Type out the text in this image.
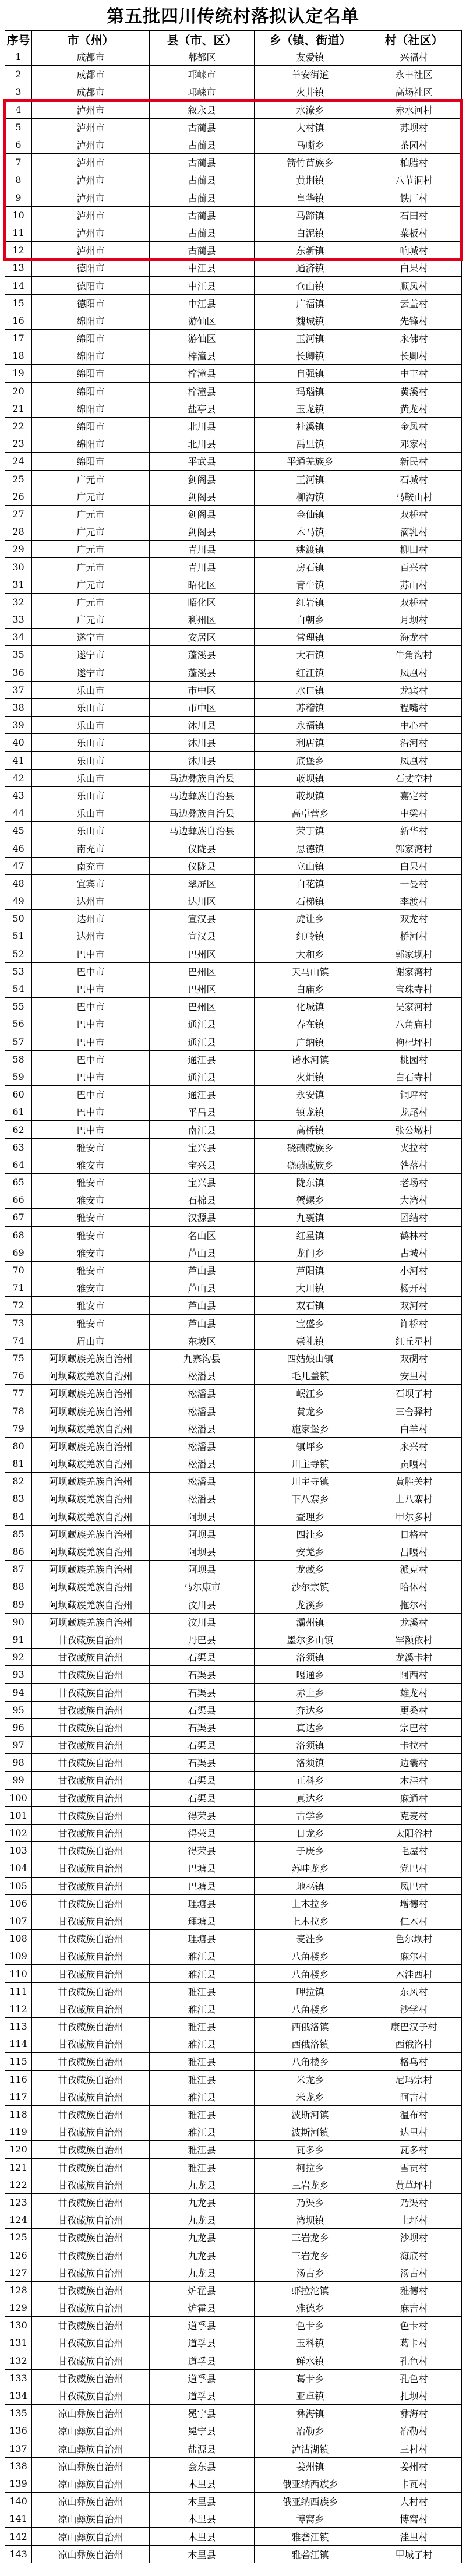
第五批四川传统村落拟认定名单
序号	市（州）	县（市、区）	乡（镇、街道）	村（社区）
1	成都市	郫都区	友爱镇	兴福村
2	成都市	邛崃市	羊安街道	永丰社区
3	成都市	邛崃市	火井镇	高场社区
4	泸州市	叙永县	水潦乡	赤水河村
5	泸州市	古蔺县	大村镇	苏坝村
6	泸州市	古蔺县	马嘶乡	茶园村
7	泸州市	古蔺县	箭竹苗族乡	柏腊村
8	泸州市	古蔺县	黄荆镇	八节洞村
9	泸州市	古蔺县	皇华镇	铁厂村
10	泸州市	古蔺县	马蹄镇	石田村
11	泸州市	古蔺县	白泥镇	菜板村
12	泸州市	古蔺县	东新镇	响城村
13	德阳市	中江县	通济镇	白果村
14	德阳市	中江县	仓山镇	顺凤村
15	德阳市	中江县	广福镇	云盖村
16	绵阳市	游仙区	魏城镇	先锋村
17	绵阳市	游仙区	玉河镇	永佛村
18	绵阳市	梓潼县	长卿镇	长卿村
19	绵阳市	梓潼县	自强镇	中丰村
20	绵阳市	梓潼县	玛瑙镇	黄溪村
21	绵阳市	盐亭县	玉龙镇	黄龙村
22	绵阳市	北川县	桂溪镇	金凤村
23	绵阳市	北川县	禹里镇	邓家村
24	绵阳市	平武县	平通羌族乡	新民村
25	广元市	剑阁县	王河镇	石城村
26	广元市	剑阁县	柳沟镇	马鞍山村
27	广元市	剑阁县	金仙镇	双桥村
28	广元市	剑阁县	木马镇	滴乳村
29	广元市	青川县	姚渡镇	柳田村
30	广元市	青川县	房石镇	百兴村
31	广元市	昭化区	青牛镇	苏山村
32	广元市	昭化区	红岩镇	双桥村
33	广元市	利州区	白朝乡	月坝村
34	遂宁市	安居区	常理镇	海龙村
35	遂宁市	蓬溪县	大石镇	牛角沟村
36	遂宁市	蓬溪县	红江镇	凤凰村
37	乐山市	市中区	水口镇	龙宾村
38	乐山市	市中区	苏稽镇	程嘴村
39	乐山市	沐川县	永福镇	中心村
40	乐山市	沐川县	利店镇	沿河村
41	乐山市	沐川县	底堡乡	凤凰村
42	乐山市	马边彝族自治县	荍坝镇	石丈空村
43	乐山市	马边彝族自治县	荍坝镇	嘉定村
44	乐山市	马边彝族自治县	高卓营乡	中梁村
45	乐山市	马边彝族自治县	荣丁镇	新华村
46	南充市	仪陇县	思德镇	郭家湾村
47	南充市	仪陇县	立山镇	白果村
48	宜宾市	翠屏区	白花镇	一曼村
49	达州市	达川区	石梯镇	李渡村
50	达州市	宣汉县	虎让乡	双龙村
51	达州市	宣汉县	红岭镇	桥河村
52	巴中市	巴州区	大和乡	郭家坝村
53	巴中市	巴州区	天马山镇	谢家湾村
54	巴中市	巴州区	白庙乡	宝珠寺村
55	巴中市	巴州区	化城镇	吴家河村
56	巴中市	通江县	春在镇	八角庙村
57	巴中市	通江县	广纳镇	枸杞坪村
58	巴中市	通江县	诺水河镇	桃园村
59	巴中市	通江县	火炬镇	白石寺村
60	巴中市	通江县	永安镇	铜坪村
61	巴中市	平昌县	镇龙镇	龙尾村
62	巴中市	南江县	高桥镇	张公墩村
63	雅安市	宝兴县	硗碛藏族乡	夹拉村
64	雅安市	宝兴县	硗碛藏族乡	咎落村
65	雅安市	宝兴县	陇东镇	老场村
66	雅安市	石棉县	蟹螺乡	大湾村
67	雅安市	汉源县	九襄镇	团结村
68	雅安市	名山区	红星镇	鹤林村
69	雅安市	芦山县	龙门乡	古城村
70	雅安市	芦山县	芦阳镇	小河村
71	雅安市	芦山县	大川镇	杨开村
72	雅安市	芦山县	双石镇	双河村
73	雅安市	芦山县	宝盛乡	许桥村
74	眉山市	东坡区	崇礼镇	红丘星村
75	阿坝藏族羌族自治州	九寨沟县	四姑娘山镇	双碉村
76	阿坝藏族羌族自治州	松潘县	毛儿盖镇	安里村
77	阿坝藏族羌族自治州	松潘县	岷江乡	石坝子村
78	阿坝藏族羌族自治州	松潘县	黄龙乡	三舍驿村
79	阿坝藏族羌族自治州	松潘县	施家堡乡	白羊村
80	阿坝藏族羌族自治州	松潘县	镇坪乡	永兴村
81	阿坝藏族羌族自治州	松潘县	川主寺镇	贡嘎村
82	阿坝藏族羌族自治州	松潘县	川主寺镇	黄胜关村
83	阿坝藏族羌族自治州	松潘县	下八寨乡	上八寨村
84	阿坝藏族羌族自治州	阿坝县	查理乡	甲尔多村
85	阿坝藏族羌族自治州	阿坝县	四洼乡	日格村
86	阿坝藏族羌族自治州	阿坝县	安羌乡	昌嘎村
87	阿坝藏族羌族自治州	阿坝县	龙藏乡	派克村
88	阿坝藏族羌族自治州	马尔康市	沙尔宗镇	哈休村
89	阿坝藏族羌族自治州	汶川县	龙溪乡	拖尔村
90	阿坝藏族羌族自治州	汶川县	灞州镇	龙溪村
91	甘孜藏族自治州	丹巴县	墨尔多山镇	罕额依村
92	甘孜藏族自治州	石渠县	洛须镇	龙溪卡村
93	甘孜藏族自治州	石渠县	嘎通乡	阿西村
94	甘孜藏族自治州	石渠县	赤土乡	雄龙村
95	甘孜藏族自治州	石渠县	奔达乡	更桑村
96	甘孜藏族自治州	石渠县	真达乡	宗巴村
97	甘孜藏族自治州	石渠县	洛须镇	卡拉村
98	甘孜藏族自治州	石渠县	洛须镇	边囊村
99	甘孜藏族自治州	石渠县	正科乡	木洼村
100	甘孜藏族自治州	石渠县	真达乡	麻通村
101	甘孜藏族自治州	得荣县	古学乡	克麦村
102	甘孜藏族自治州	得荣县	日龙乡	太阳谷村
103	甘孜藏族自治州	得荣县	子庚乡	毛屋村
104	甘孜藏族自治州	巴塘县	苏哇龙乡	党巴村
105	甘孜藏族自治州	巴塘县	地巫镇	凤巴村
106	甘孜藏族自治州	理塘县	上木拉乡	增德村
107	甘孜藏族自治州	理塘县	上木拉乡	仁木村
108	甘孜藏族自治州	理塘县	麦洼乡	色尔坝村
109	甘孜藏族自治州	雅江县	八角楼乡	麻尔村
110	甘孜藏族自治州	雅江县	八角楼乡	木洼西村
111	甘孜藏族自治州	雅江县	呷拉镇	东风村
112	甘孜藏族自治州	雅江县	八角楼乡	沙学村
113	甘孜藏族自治州	雅江县	西俄洛镇	康巴汉子村
114	甘孜藏族自治州	雅江县	西俄洛镇	西俄洛村
115	甘孜藏族自治州	雅江县	八角楼乡	格乌村
116	甘孜藏族自治州	雅江县	米龙乡	尼玛宗村
117	甘孜藏族自治州	雅江县	米龙乡	阿吉村
118	甘孜藏族自治州	雅江县	波斯河镇	温布村
119	甘孜藏族自治州	雅江县	波斯河镇	达里村
120	甘孜藏族自治州	雅江县	瓦多乡	瓦多村
121	甘孜藏族自治州	雅江县	柯拉乡	雪贡村
122	甘孜藏族自治州	九龙县	三岩龙乡	黄草坪村
123	甘孜藏族自治州	九龙县	乃渠乡	乃渠村
124	甘孜藏族自治州	九龙县	湾坝镇	上坪村
125	甘孜藏族自治州	九龙县	三岩龙乡	沙坝村
126	甘孜藏族自治州	九龙县	三岩龙乡	海底村
127	甘孜藏族自治州	九龙县	汤古乡	汤古村
128	甘孜藏族自治州	炉霍县	虾拉沱镇	雅德村
129	甘孜藏族自治州	炉霍县	雅德乡	麻吉村
130	甘孜藏族自治州	道孚县	色卡乡	色卡村
131	甘孜藏族自治州	道孚县	玉科镇	葛卡村
132	甘孜藏族自治州	道孚县	鲜水镇	孔色村
133	甘孜藏族自治州	道孚县	葛卡乡	孔色村
134	甘孜藏族自治州	道孚县	亚卓镇	扎坝村
135	凉山彝族自治州	冕宁县	彝海镇	彝海村
136	凉山彝族自治州	冕宁县	冶勒乡	冶勒村
137	凉山彝族自治州	盐源县	泸沽湖镇	三村村
138	凉山彝族自治州	会东县	姜州镇	姜州村
139	凉山彝族自治州	木里县	俄亚纳西族乡	卡瓦村
140	凉山彝族自治州	木里县	俄亚纳西族乡	大村村
141	凉山彝族自治州	木里县	博窝乡	博窝村
142	凉山彝族自治州	木里县	雅砻江镇	洼里村
143	凉山彝族自治州	木里县	雅砻江镇	甲城子村
